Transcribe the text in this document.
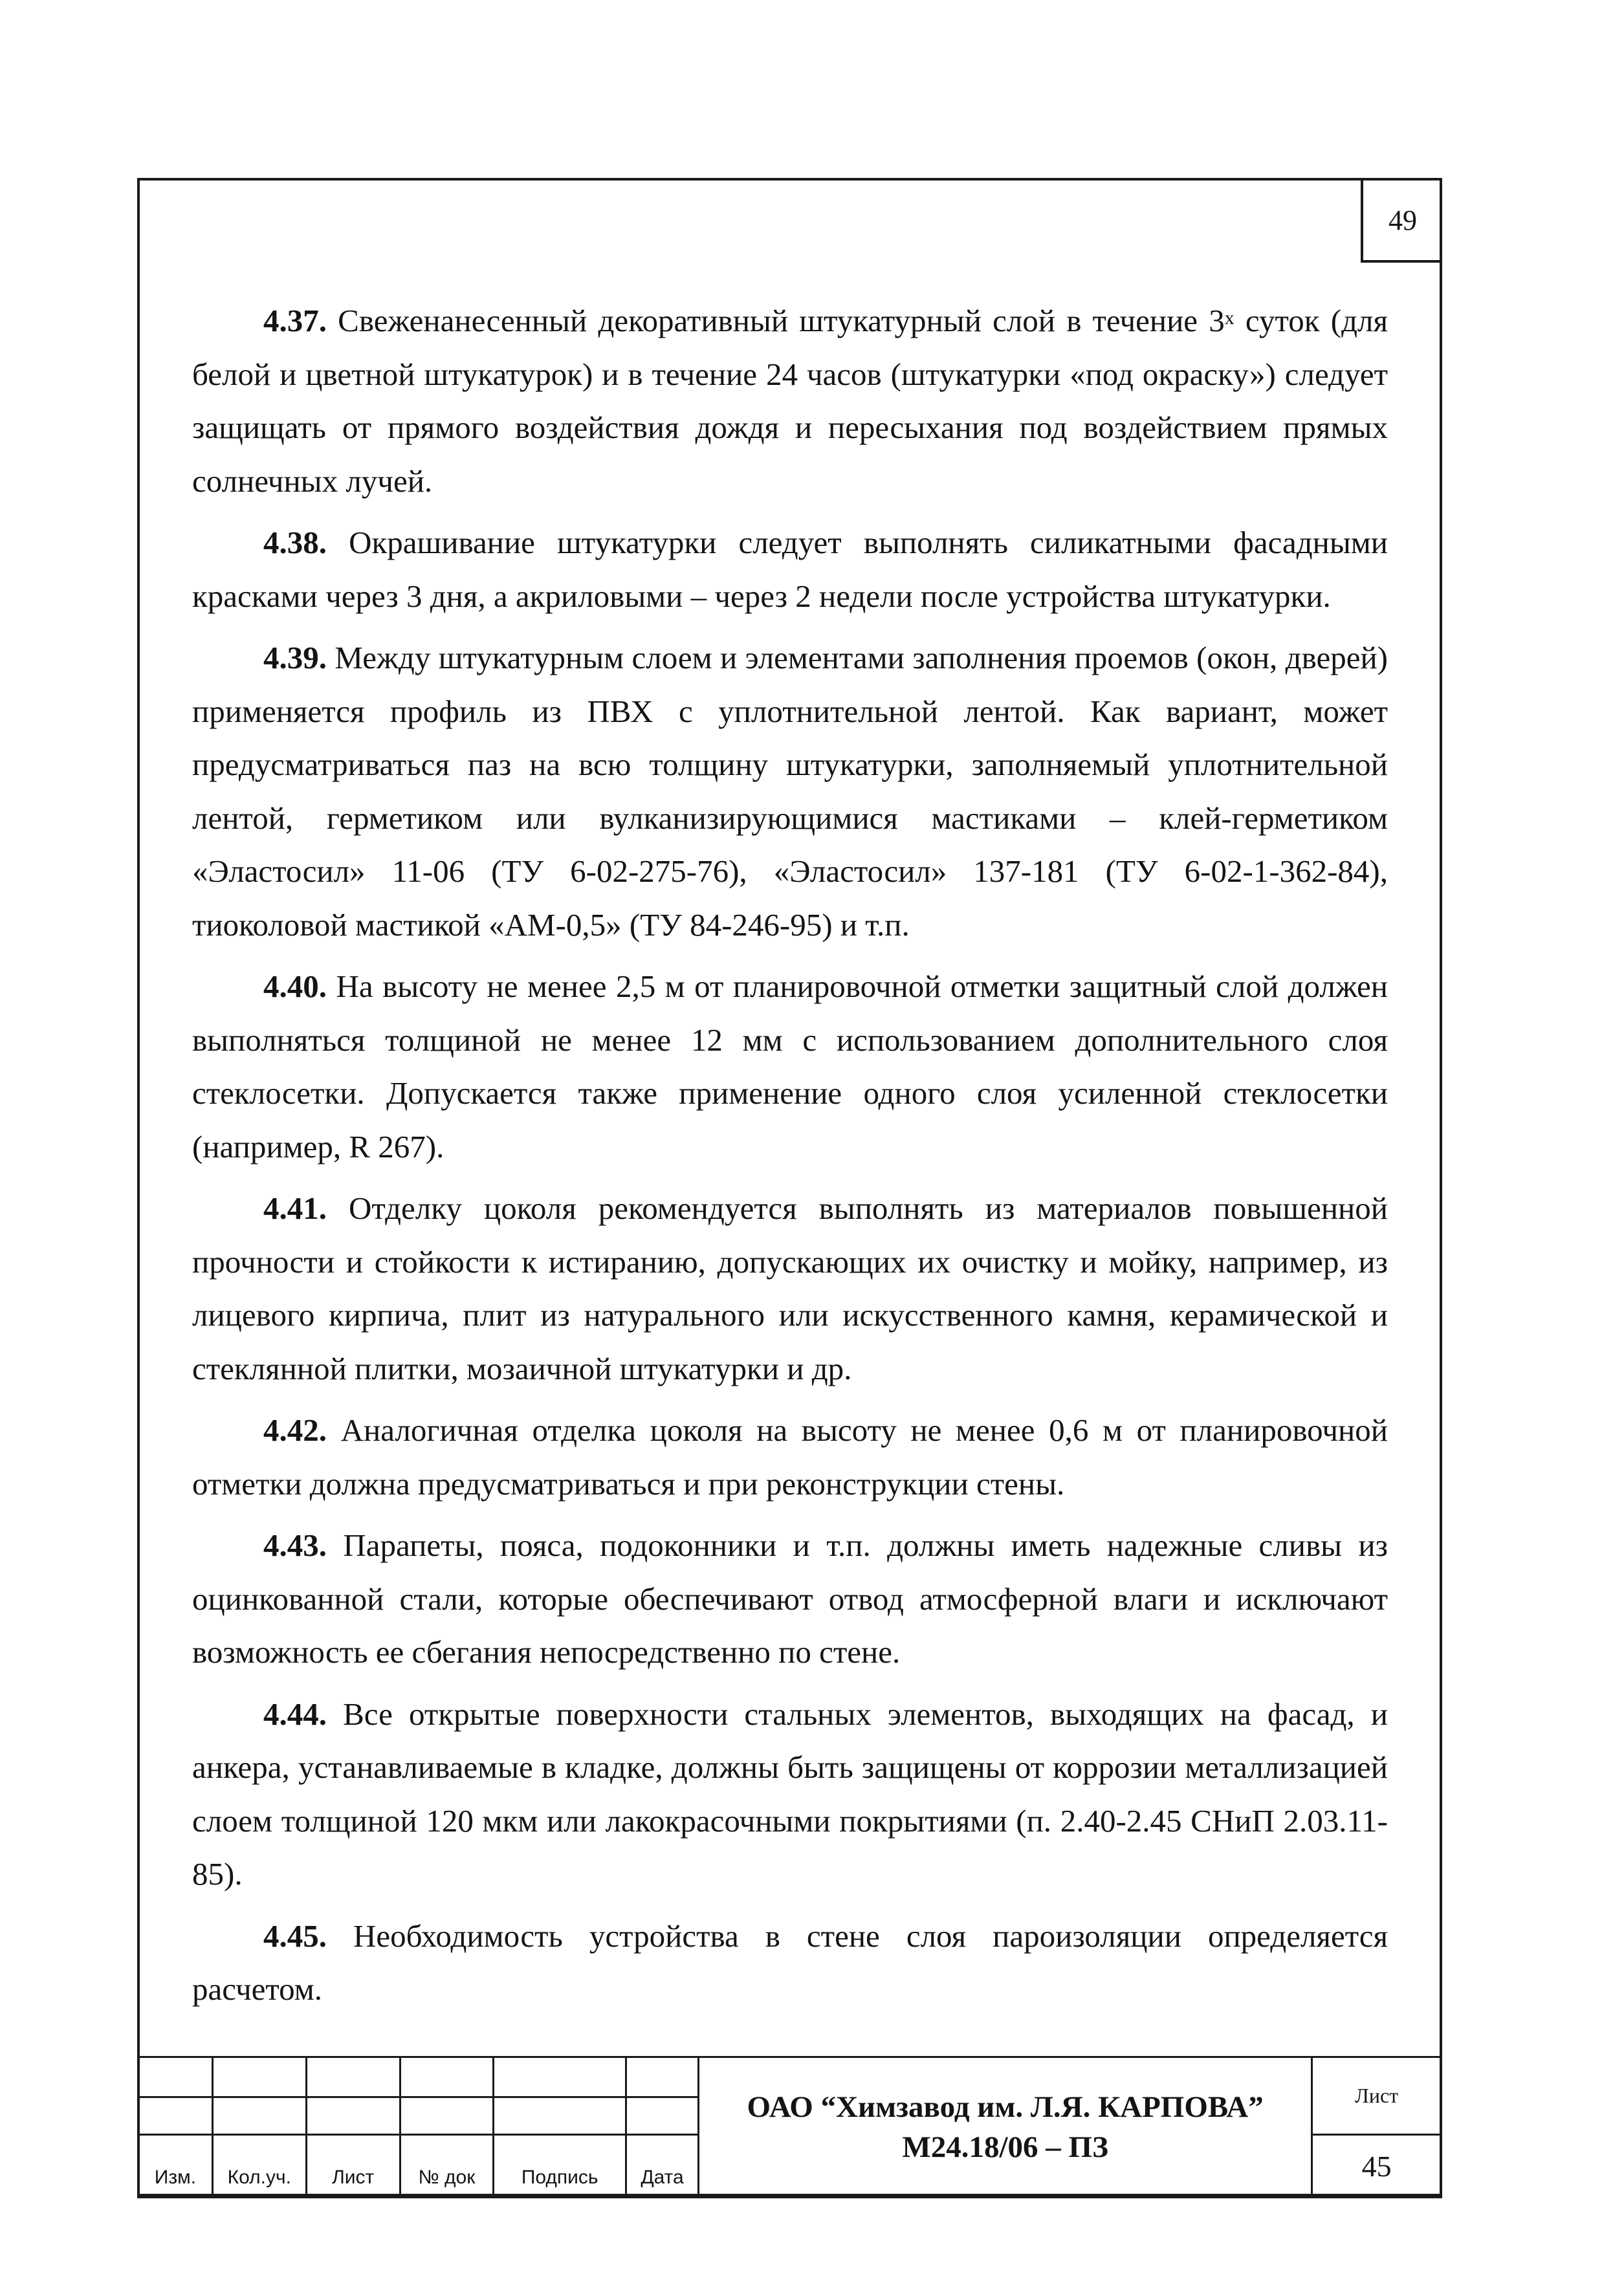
49

4.37. Свеженанесенный декоративный штукатурный слой в течение $3^х$ суток (для белой и цветной штукатурок) и в течение 24 часов (штукатурки «под окраску») следует защищать от прямого воздействия дождя и пересыхания под воздействием прямых солнечных лучей.

4.38. Окрашивание штукатурки следует выполнять силикатными фасадными красками через 3 дня, а акриловыми – через 2 недели после устройства штукатурки.

4.39. Между штукатурным слоем и элементами заполнения проемов (окон, дверей) применяется профиль из ПВХ с уплотнительной лентой. Как вариант, может предусматриваться паз на всю толщину штукатурки, заполняемый уплотнительной лентой, герметиком или вулканизирующимися мастиками – клей-герметиком «Эластосил» 11-06 (ТУ 6-02-275-76), «Эластосил» 137-181 (ТУ 6-02-1-362-84), тиоколовой мастикой «АМ-0,5» (ТУ 84-246-95) и т.п.

4.40. На высоту не менее 2,5 м от планировочной отметки защитный слой должен выполняться толщиной не менее 12 мм с использованием дополнительного слоя стеклосетки. Допускается также применение одного слоя усиленной стеклосетки (например, R 267).

4.41. Отделку цоколя рекомендуется выполнять из материалов повышенной прочности и стойкости к истиранию, допускающих их очистку и мойку, например, из лицевого кирпича, плит из натурального или искусственного камня, керамической и стеклянной плитки, мозаичной штукатурки и др.

4.42. Аналогичная отделка цоколя на высоту не менее 0,6 м от планировочной отметки должна предусматриваться и при реконструкции стены.

4.43. Парапеты, пояса, подоконники и т.п. должны иметь надежные сливы из оцинкованной стали, которые обеспечивают отвод атмосферной влаги и исключают возможность ее сбегания непосредственно по стене.

4.44. Все открытые поверхности стальных элементов, выходящих на фасад, и анкера, устанавливаемые в кладке, должны быть защищены от коррозии металлизацией слоем толщиной 120 мкм или лакокрасочными покрытиями (п. 2.40-2.45 СНиП 2.03.11-85).

4.45. Необходимость устройства в стене слоя пароизоляции определяется расчетом.

						ОАО “Химзавод им. Л.Я. КАРПОВА”
М24.18/06 – ПЗ	Лист

Изм.	Кол.уч.	Лист	№ док	Подпись	Дата		45
